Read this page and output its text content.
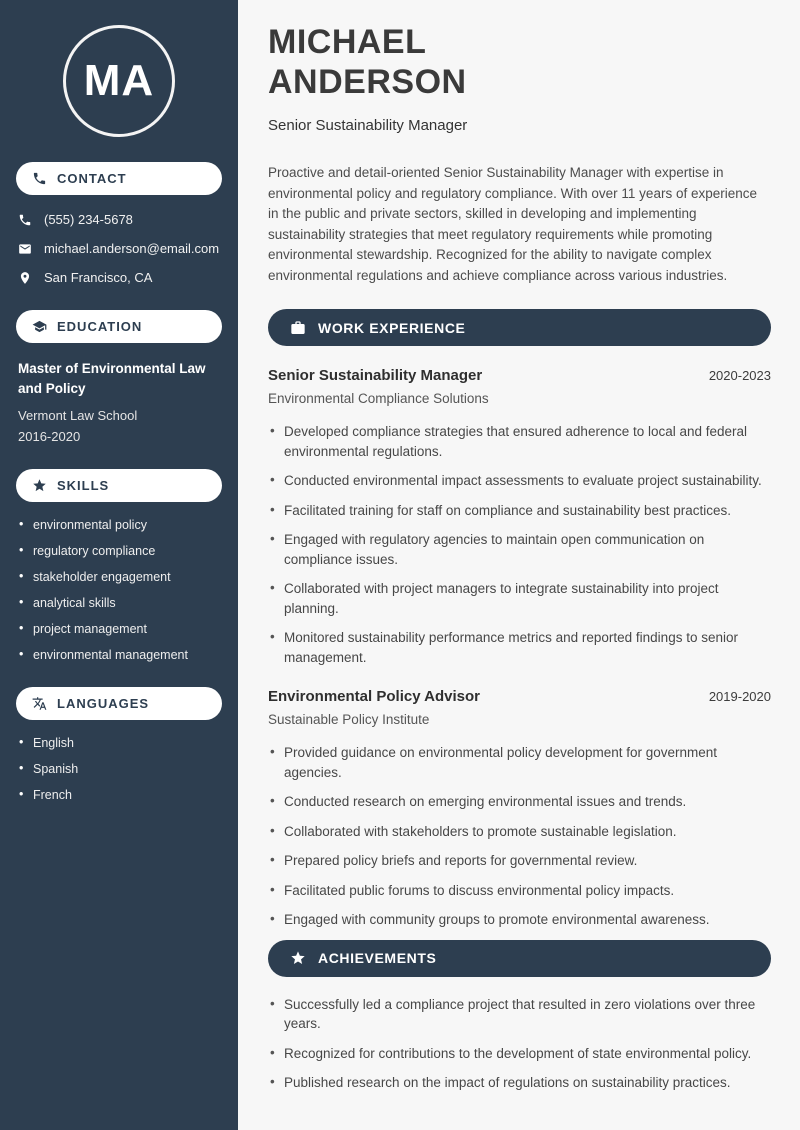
MA
CONTACT
(555) 234-5678
michael.anderson@email.com
San Francisco, CA
EDUCATION
Master of Environmental Law and Policy
Vermont Law School
2016-2020
SKILLS
• environmental policy
• regulatory compliance
• stakeholder engagement
• analytical skills
• project management
• environmental management
LANGUAGES
• English
• Spanish
• French
MICHAEL
ANDERSON
Senior Sustainability Manager

Proactive and detail-oriented Senior Sustainability Manager with expertise in environmental policy and regulatory compliance. With over 11 years of experience in the public and private sectors, skilled in developing and implementing sustainability strategies that meet regulatory requirements while promoting environmental stewardship. Recognized for the ability to navigate complex environmental regulations and achieve compliance across various industries.

WORK EXPERIENCE
Senior Sustainability Manager	2020-2023
Environmental Compliance Solutions
• Developed compliance strategies that ensured adherence to local and federal environmental regulations.
• Conducted environmental impact assessments to evaluate project sustainability.
• Facilitated training for staff on compliance and sustainability best practices.
• Engaged with regulatory agencies to maintain open communication on compliance issues.
• Collaborated with project managers to integrate sustainability into project planning.
• Monitored sustainability performance metrics and reported findings to senior management.
Environmental Policy Advisor	2019-2020
Sustainable Policy Institute
• Provided guidance on environmental policy development for government agencies.
• Conducted research on emerging environmental issues and trends.
• Collaborated with stakeholders to promote sustainable legislation.
• Prepared policy briefs and reports for governmental review.
• Facilitated public forums to discuss environmental policy impacts.
• Engaged with community groups to promote environmental awareness.
ACHIEVEMENTS
• Successfully led a compliance project that resulted in zero violations over three years.
• Recognized for contributions to the development of state environmental policy.
• Published research on the impact of regulations on sustainability practices.
